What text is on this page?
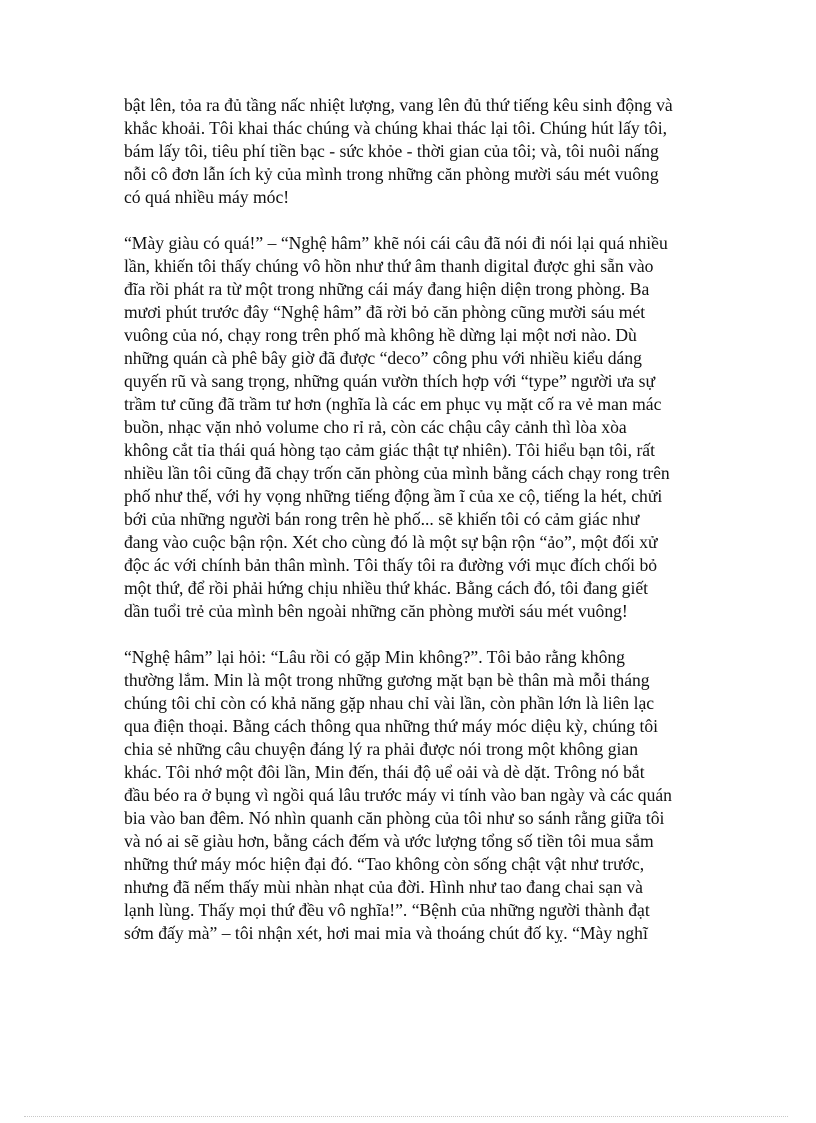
bật lên, tỏa ra đủ tầng nấc nhiệt lượng, vang lên đủ thứ tiếng kêu sinh động và
khắc khoải. Tôi khai thác chúng và chúng khai thác lại tôi. Chúng hút lấy tôi,
bám lấy tôi, tiêu phí tiền bạc - sức khỏe - thời gian của tôi; và, tôi nuôi nấng
nỗi cô đơn lẫn ích kỷ của mình trong những căn phòng mười sáu mét vuông
có quá nhiều máy móc!

“Mày giàu có quá!” – “Nghệ hâm” khẽ nói cái câu đã nói đi nói lại quá nhiều
lần, khiến tôi thấy chúng vô hồn như thứ âm thanh digital được ghi sẵn vào
đĩa rồi phát ra từ một trong những cái máy đang hiện diện trong phòng. Ba
mươi phút trước đây “Nghệ hâm” đã rời bỏ căn phòng cũng mười sáu mét
vuông của nó, chạy rong trên phố mà không hề dừng lại một nơi nào. Dù
những quán cà phê bây giờ đã được “deco” công phu với nhiều kiểu dáng
quyến rũ và sang trọng, những quán vườn thích hợp với “type” người ưa sự
trầm tư cũng đã trầm tư hơn (nghĩa là các em phục vụ mặt cố ra vẻ man mác
buồn, nhạc vặn nhỏ volume cho rỉ rả, còn các chậu cây cảnh thì lòa xòa
không cắt tỉa thái quá hòng tạo cảm giác thật tự nhiên). Tôi hiểu bạn tôi, rất
nhiều lần tôi cũng đã chạy trốn căn phòng của mình bằng cách chạy rong trên
phố như thế, với hy vọng những tiếng động ầm ĩ của xe cộ, tiếng la hét, chửi
bới của những người bán rong trên hè phố... sẽ khiến tôi có cảm giác như
đang vào cuộc bận rộn. Xét cho cùng đó là một sự bận rộn “ảo”, một đối xử
độc ác với chính bản thân mình. Tôi thấy tôi ra đường với mục đích chối bỏ
một thứ, để rồi phải hứng chịu nhiều thứ khác. Bằng cách đó, tôi đang giết
dần tuổi trẻ của mình bên ngoài những căn phòng mười sáu mét vuông!

“Nghệ hâm” lại hỏi: “Lâu rồi có gặp Min không?”. Tôi bảo rằng không
thường lắm. Min là một trong những gương mặt bạn bè thân mà mỗi tháng
chúng tôi chỉ còn có khả năng gặp nhau chỉ vài lần, còn phần lớn là liên lạc
qua điện thoại. Bằng cách thông qua những thứ máy móc diệu kỳ, chúng tôi
chia sẻ những câu chuyện đáng lý ra phải được nói trong một không gian
khác. Tôi nhớ một đôi lần, Min đến, thái độ uể oải và dè dặt. Trông nó bắt
đầu béo ra ở bụng vì ngồi quá lâu trước máy vi tính vào ban ngày và các quán
bia vào ban đêm. Nó nhìn quanh căn phòng của tôi như so sánh rằng giữa tôi
và nó ai sẽ giàu hơn, bằng cách đếm và ước lượng tổng số tiền tôi mua sắm
những thứ máy móc hiện đại đó. “Tao không còn sống chật vật như trước,
nhưng đã nếm thấy mùi nhàn nhạt của đời. Hình như tao đang chai sạn và
lạnh lùng. Thấy mọi thứ đều vô nghĩa!”. “Bệnh của những người thành đạt
sớm đấy mà” – tôi nhận xét, hơi mai mỉa và thoáng chút đố kỵ. “Mày nghĩ
